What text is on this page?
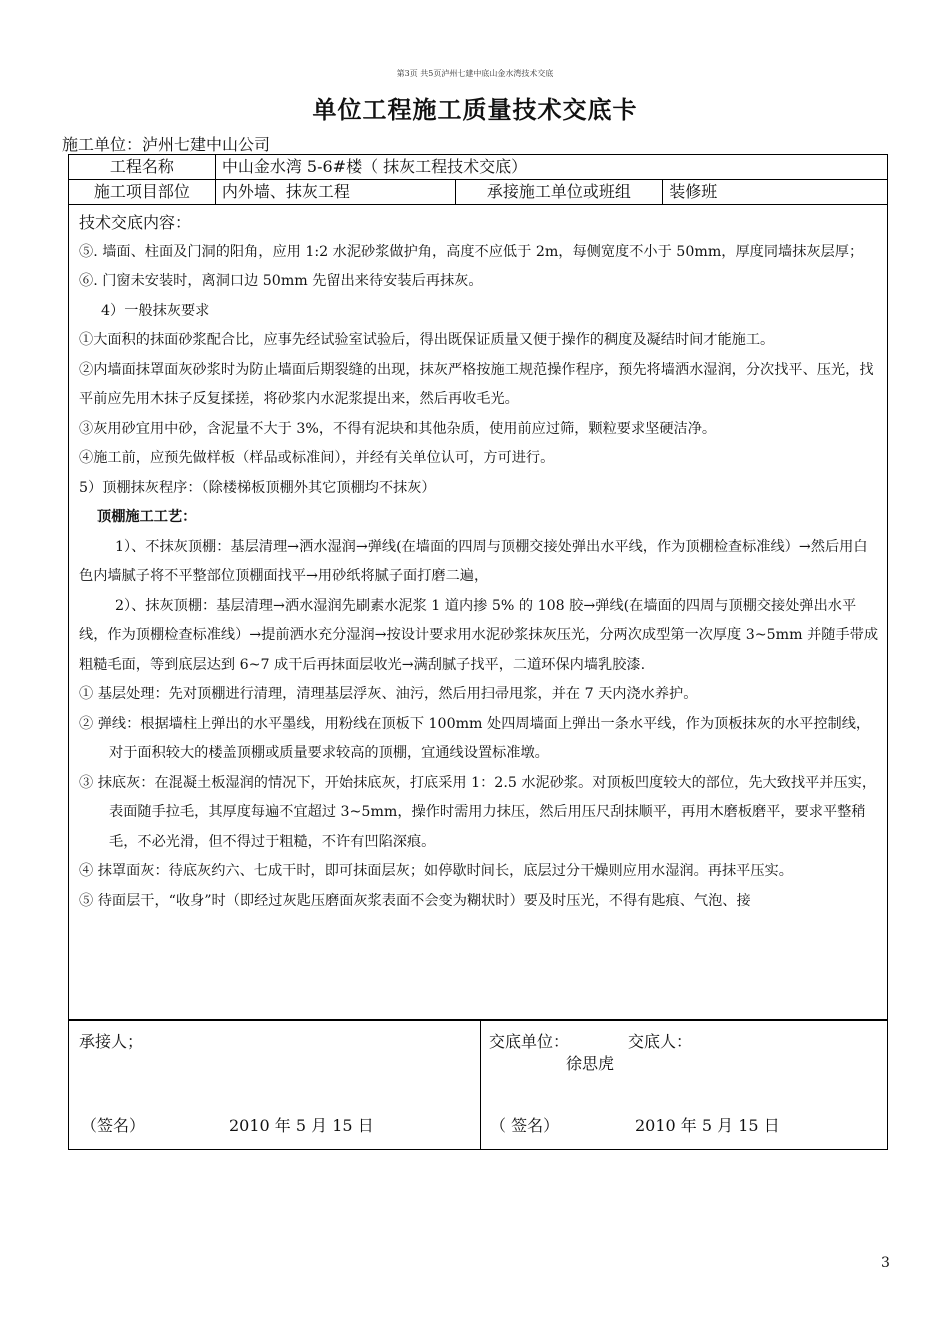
第3页 共5页泸州七建中底山金水湾技术交底
单位工程施工质量技术交底卡
施工单位：泸州七建中山公司
工程名称	中山金水湾 5-6#楼（ 抹灰工程技术交底）		
施工项目部位	内外墙、抹灰工程	承接施工单位或班组	装修班

技术交底内容：

⑤. 墙面、柱面及门洞的阳角，应用 1:2 水泥砂浆做护角，高度不应低于 2m，每侧宽度不小于 50mm，厚度同墙抹灰层厚；

⑥. 门窗未安装时，离洞口边 50mm 先留出来待安装后再抹灰。

4）一般抹灰要求

①大面积的抹面砂浆配合比，应事先经试验室试验后，得出既保证质量又便于操作的稠度及凝结时间才能施工。

②内墙面抹罩面灰砂浆时为防止墙面后期裂缝的出现，抹灰严格按施工规范操作程序，预先将墙洒水湿润，分次找平、压光，找平前应先用木抹子反复揉搓，将砂浆内水泥浆提出来，然后再收毛光。

③灰用砂宜用中砂，含泥量不大于 3%，不得有泥块和其他杂质，使用前应过筛，颗粒要求坚硬洁净。

④施工前，应预先做样板（样品或标准间），并经有关单位认可，方可进行。

5）顶棚抹灰程序：（除楼梯板顶棚外其它顶棚均不抹灰）

顶棚施工工艺：

1）、不抹灰顶棚：基层清理→洒水湿润→弹线(在墙面的四周与顶棚交接处弹出水平线，作为顶棚检查标准线）→然后用白色内墙腻子将不平整部位顶棚面找平→用砂纸将腻子面打磨二遍，

2）、抹灰顶棚：基层清理→洒水湿润先刷素水泥浆 1 道内掺 5% 的 108 胶→弹线(在墙面的四周与顶棚交接处弹出水平线，作为顶棚检查标准线）→提前洒水充分湿润→按设计要求用水泥砂浆抹灰压光，分两次成型第一次厚度 3~5mm 并随手带成粗糙毛面，等到底层达到 6~7 成干后再抹面层收光→满刮腻子找平，二道环保内墙乳胶漆.

① 基层处理：先对顶棚进行清理，清理基层浮灰、油污，然后用扫帚甩浆，并在 7 天内浇水养护。

② 弹线：根据墙柱上弹出的水平墨线，用粉线在顶板下 100mm 处四周墙面上弹出一条水平线，作为顶板抹灰的水平控制线，对于面积较大的楼盖顶棚或质量要求较高的顶棚，宜通线设置标准墩。

③ 抹底灰：在混凝土板湿润的情况下，开始抹底灰，打底采用 1：2.5 水泥砂浆。对顶板凹度较大的部位，先大致找平并压实，表面随手拉毛，其厚度每遍不宜超过 3~5mm，操作时需用力抹压，然后用压尺刮抹顺平，再用木磨板磨平，要求平整稍毛，不必光滑，但不得过于粗糙，不许有凹陷深痕。

④ 抹罩面灰：待底灰约六、七成干时，即可抹面层灰；如停歇时间长，底层过分干燥则应用水湿润。再抹平压实。

⑤ 待面层干，“收身”时（即经过灰匙压磨面灰浆表面不会变为糊状时）要及时压光，不得有匙痕、气泡、接

承接人；
（签名）	2010 年 5 月 15 日
交底单位：	交底人：
徐思虎
（ 签名）	2010 年 5 月 15 日
3
